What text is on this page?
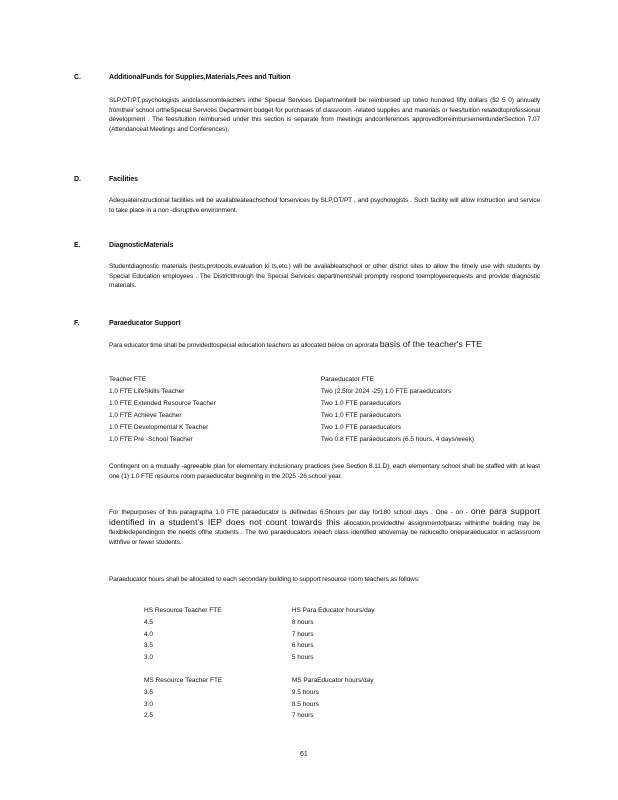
C.	AdditionalFunds for Supplies,Materials,Fees and Tuition
SLP,OT/PT,psychologists andclassroomteachers inthe Special Services Departmentwill be reimbursed up totwo hundred fifty dollars ($2 5 0) annually fromtheir school ortheSpecial Services Department budget for purchases of classroom -related supplies and materials or fees/tuition relatedtoprofessional development . The fees/tuition reimbursed under this section is separate from meetings andconferences approvedforreimbursementunderSection 7.07 (Attendanceat Meetings and Conferences).
D.	Facilities
Adequateinstructional facilities will be availableateachschool forservices by SLP,OT/PT , and psychologists . Such facility will allow instruction and service to take place in a non -disruptive environment.
E.	DiagnosticMaterials
Studentdiagnostic materials (tests,protocols,evaluation ki ts,etc.) will be availableatschool or other district sites to allow the timely use with students by Special Education employees . The Districtthrough the Special Services departmentshall promptly respond toemployeerequests and provide diagnostic materials.
F.	Paraeducator Support
Para educator time shall be providedtospecial education teachers as allocated below on aprorata basis of the teacher's FTE
Teacher FTE	Paraeducator FTE
1.0 FTE LifeSkills Teacher	Two (2.5for 2024 -25) 1.0 FTE paraeducators
1.0 FTE Extended Resource Teacher	Two 1.0 FTE paraeducators
1.0 FTE Achieve Teacher	Two 1.0 FTE paraeducators
1.0 FTE Developmental K Teacher	Two 1.0 FTE paraeducators
1.0 FTE Pre -School Teacher	Two 0.8 FTE paraeducators (6.5 hours, 4 days/week)
Contingent on a mutually -agreeable plan for elementary inclusionary practices (see Section 8.11.D), each elementary school shall be staffed with at least one (1) 1.0 FTE resource room paraeducator beginning in the 2025 -26 school year.
For thepurposes of this paragrapha 1.0 FTE paraeducator is definedas 6.5hours per day for180 school days . One - on - one para support identified in a student's IEP does not count towards this allocation,providedthe assignmentofparas withinthe building may be flexibledependingon the needs ofthe students . The two paraeducators ineach class identified abovemay be reducedto oneparaeducator in aclassroom withfive or fewer students.
Paraeducator hours shall be allocated to each secondary building to support resource room teachers as follows:
HS Resource Teacher FTE	HS Para Educator hours/day
4.5	8 hours
4.0	7 hours
3.5	6 hours
3.0	5 hours
MS Resource Teacher FTE	MS ParaEducator hours/day
3.5	9.5 hours
3.0	8.5 hours
2.5	7 hours
61
